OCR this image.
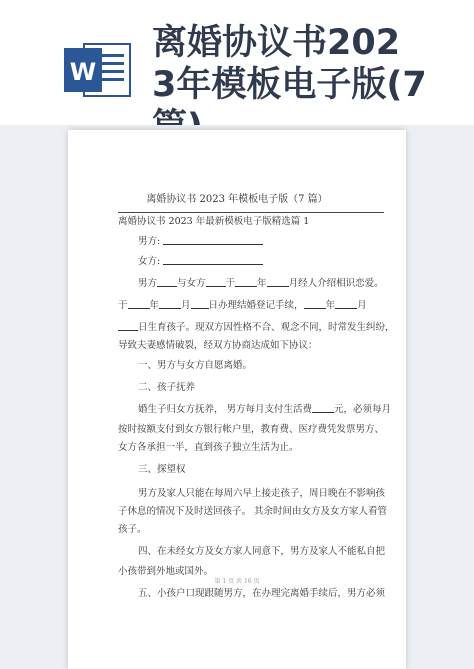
W
离婚协议书202
3年模板电子版(7
离婚协议书 2023 年模板电子版（7 篇）
离婚协议书 2023 年最新模板电子版精选篇 1
男方:
女方:
男方 与女方 于 年 月经人介绍相识恋爱。
于 年 月 日办理结婚登记手续， 年 月
日生育孩子。现双方因性格不合、观念不同，时常发生纠纷，
导致夫妻感情破裂，经双方协商达成如下协议：
一、男方与女方自愿离婚。
二、孩子抚养
婚生子归女方抚养， 男方每月支付生活费 元，必须每月
按时按额支付到女方银行帐户里，教育费、医疗费凭发票男方、
女方各承担一半，直到孩子独立生活为止。
三、探望权
男方及家人只能在每周六早上接走孩子，周日晚在不影响孩
子休息的情况下及时送回孩子。 其余时间由女方及女方家人看管
孩子。
四、在未经女方及女方家人同意下，男方及家人不能私自把
小孩带到外地或国外。
五、小孩户口现跟随男方，在办理完离婚手续后，男方必须
第 1 页 共 16 页
